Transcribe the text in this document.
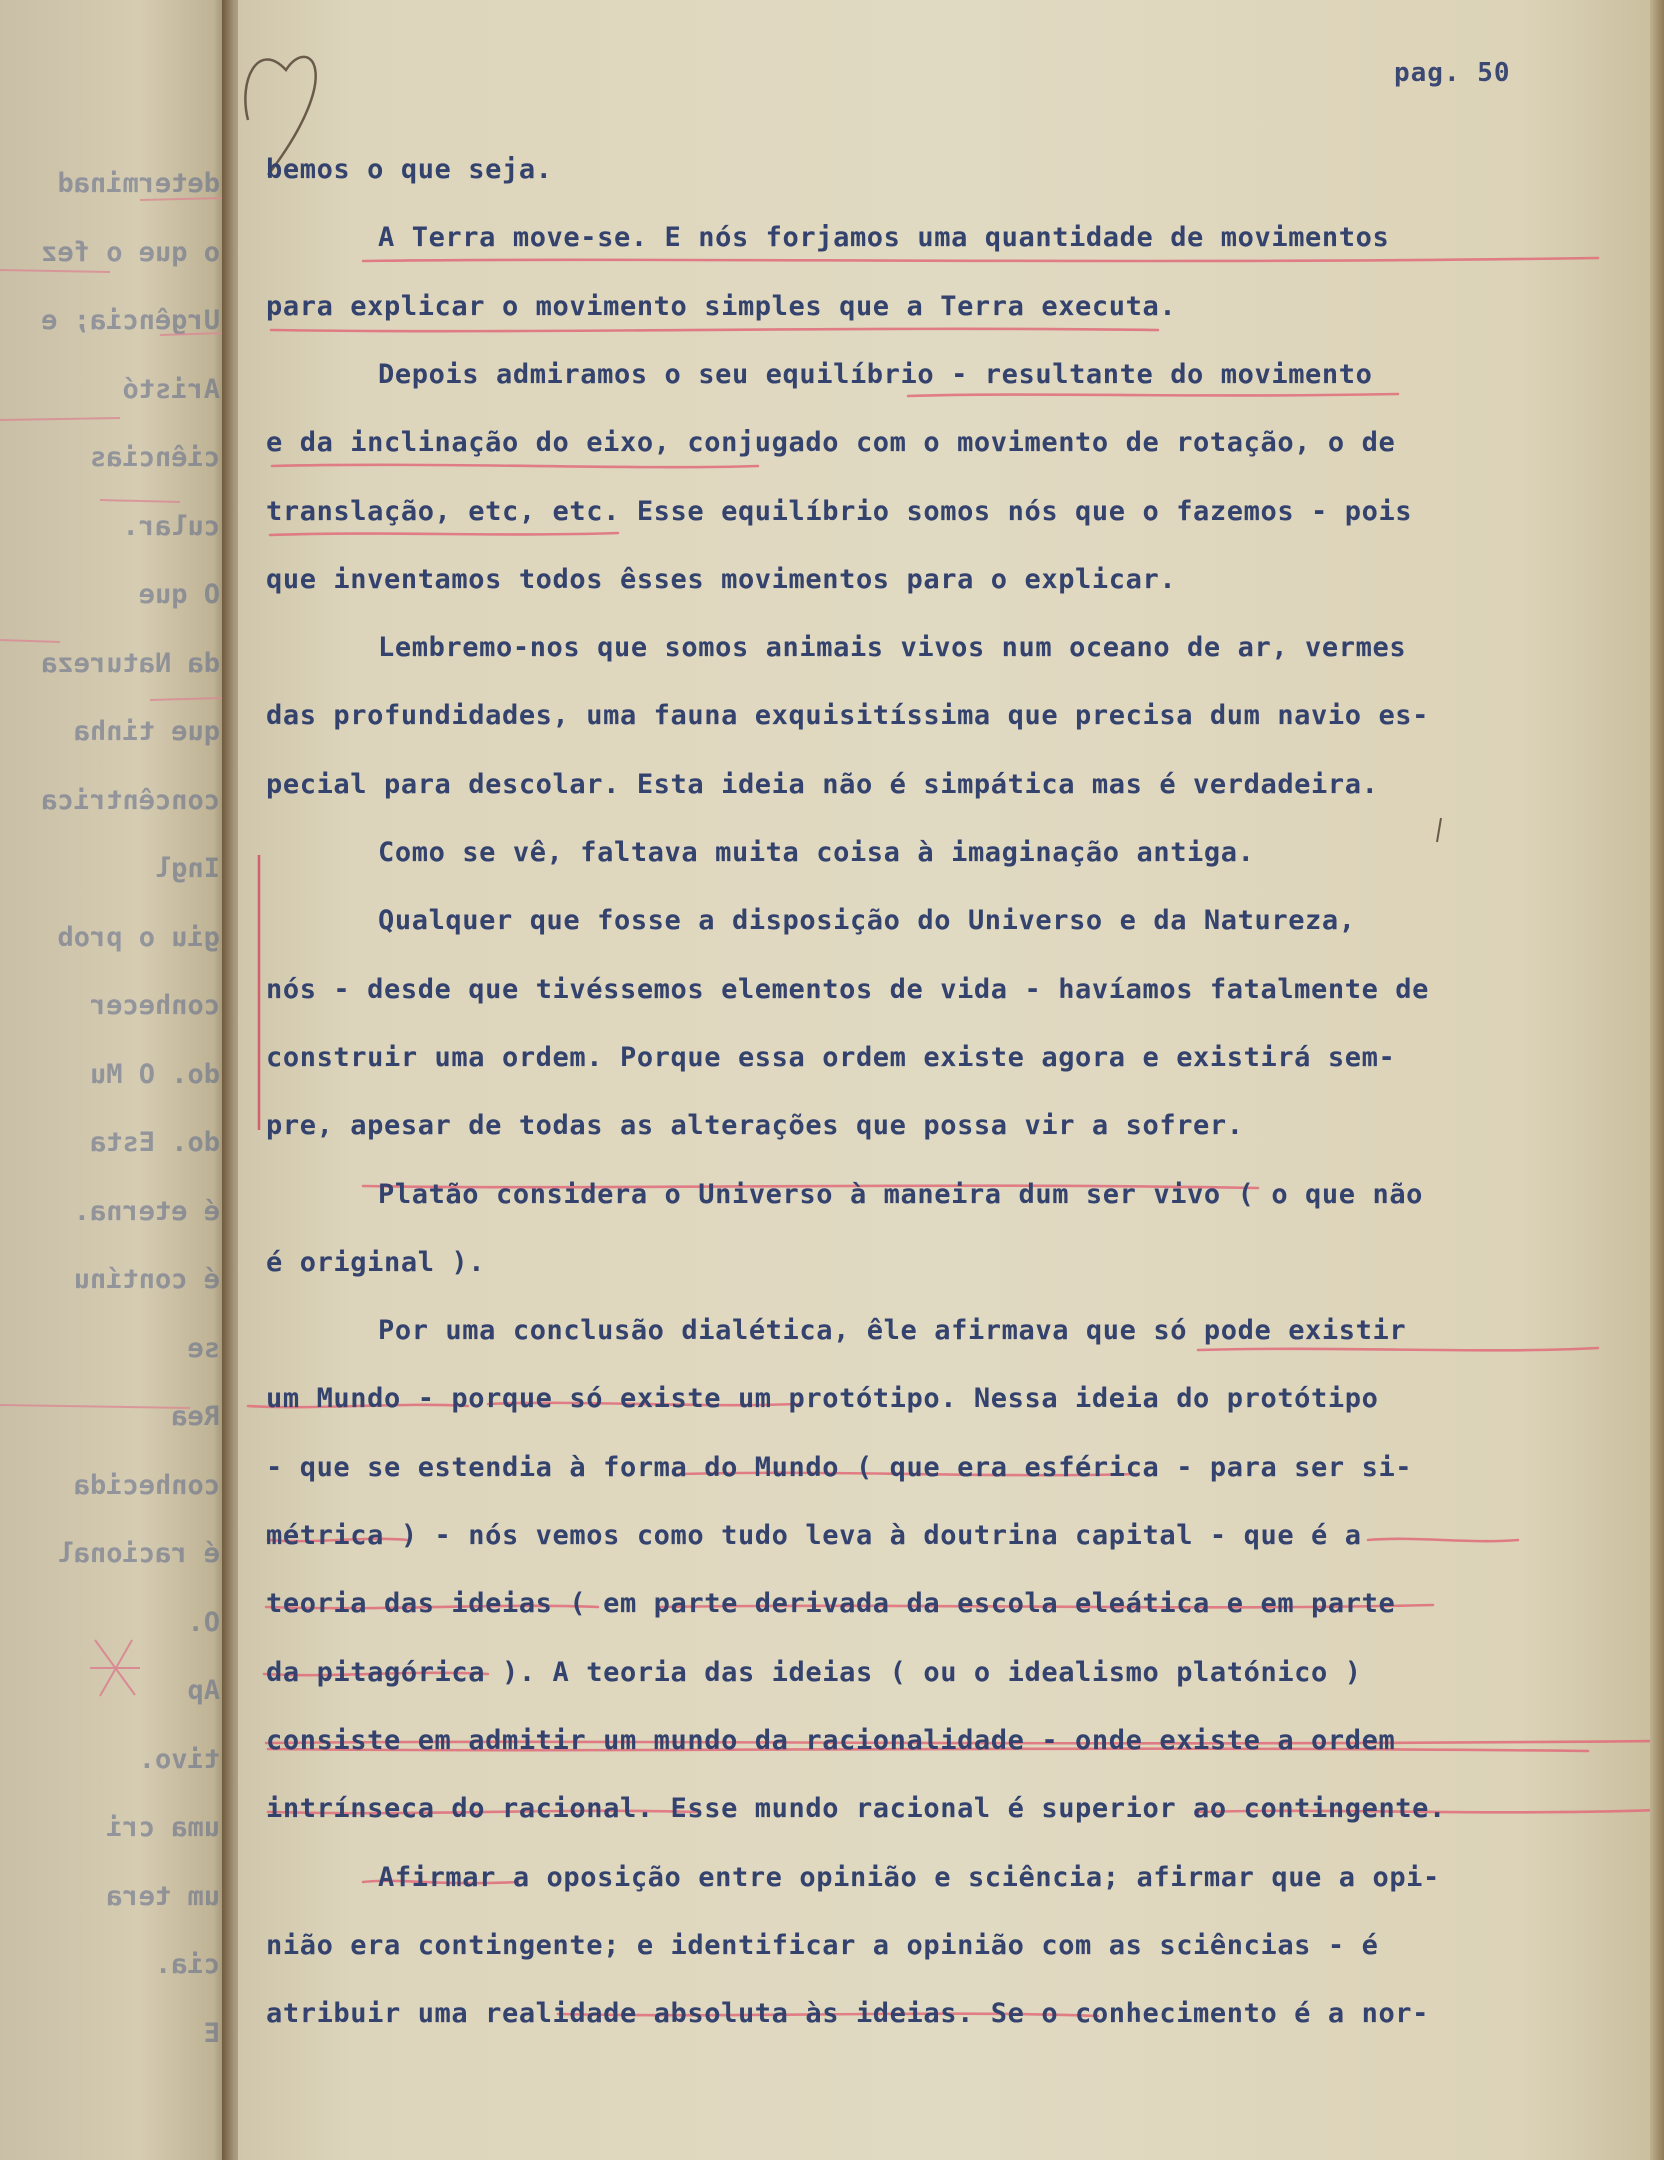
determinad
o que o fez
Urgência; e
Aristó
ciências
cular.
O que
da Natureza
que tinha
concêntrica
Ingl
giu o prob
conhecer
do. O Mu
do. Esta
é eterna.
é contínu
se
Rea
conhecida
é racional
O.
Ap
tivo.
uma cri
um tera
cia.
E
pag. 50
bemos o que seja.
A Terra move-se. E nós forjamos uma quantidade de movimentos
para explicar o movimento simples que a Terra executa.
Depois admiramos o seu equilíbrio - resultante do movimento
e da inclinação do eixo, conjugado com o movimento de rotação, o de
translação, etc, etc. Esse equilíbrio somos nós que o fazemos - pois
que inventamos todos êsses movimentos para o explicar.
Lembremo-nos que somos animais vivos num oceano de ar, vermes
das profundidades, uma fauna exquisitíssima que precisa dum navio es-
pecial para descolar. Esta ideia não é simpática mas é verdadeira.
Como se vê, faltava muita coisa à imaginação antiga.
Qualquer que fosse a disposição do Universo e da Natureza,
nós - desde que tivéssemos elementos de vida - havíamos fatalmente de
construir uma ordem. Porque essa ordem existe agora e existirá sem-
pre, apesar de todas as alterações que possa vir a sofrer.
Platão considera o Universo à maneira dum ser vivo ( o que não
é original ).
Por uma conclusão dialética, êle afirmava que só pode existir
um Mundo - porque só existe um protótipo. Nessa ideia do protótipo
- que se estendia à forma do Mundo ( que era esférica - para ser si-
métrica ) - nós vemos como tudo leva à doutrina capital - que é a
teoria das ideias ( em parte derivada da escola eleática e em parte
da pitagórica ). A teoria das ideias ( ou o idealismo platónico )
consiste em admitir um mundo da racionalidade - onde existe a ordem
intrínseca do racional. Esse mundo racional é superior ao contingente.
Afirmar a oposição entre opinião e sciência; afirmar que a opi-
nião era contingente; e identificar a opinião com as sciências - é
atribuir uma realidade absoluta às ideias. Se o conhecimento é a nor-
